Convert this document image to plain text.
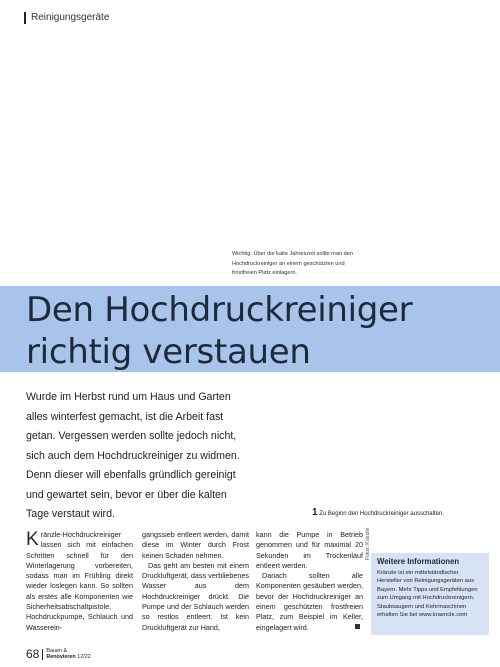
Reinigungsgeräte
Wichtig: Über die kalte Jahreszeit sollte man den Hochdruckreiniger an einem geschützten und frostfreien Platz einlagern.
Den Hochdruckreiniger
richtig verstauen

Wurde im Herbst rund um Haus und Garten

alles winterfest gemacht, ist die Arbeit fast

getan. Vergessen werden sollte jedoch nicht,

sich auch dem Hochdruckreiniger zu widmen.

Denn dieser will ebenfalls gründlich gereinigt

und gewartet sein, bevor er über die kalten

Tage verstaut wird.	1 Zu Beginn den Hochdruckreiniger ausschalten.

Kränzle-Hochdruckreiniger lassen sich mit einfachen Schritten schnell für den Winterlagerung vorbereiten, sodass man im Frühling direkt wieder loslegen kann. So sollten als erstes alle Komponenten wie Sicherheitsabschaltpistole, Hochdruckpumpe, Schlauch und Wasserein-

gangssieb entleert werden, damit diese im Winter durch Frost keinen Schaden nehmen.

Das geht am besten mit einem Druckluftgerät, dass verbliebenes Wasser aus dem Hochdruckreiniger drückt. Die Pumpe und der Schlauch werden so restlos entleert. Ist kein Druckluftgerät zur Hand,

kann die Pumpe in Betrieb genommen und für maximal 20 Sekunden im Trockenlauf entleert werden.

Danach sollten alle Komponenten gesäubert werden, bevor der Hochdruckreiniger an einem geschützten frostfreien Platz, zum Beispiel im Keller, eingelagert wird.

Fotos: Kränzle
Weitere Informationen
Kränzle ist ein mittelständischer Hersteller von Reinigungsgeräten aus Bayern. Mehr Tipps und Empfehlungen zum Umgang mit Hochdruckreinigern, Staubsaugern und Kehrmaschinen erhalten Sie bei www.kraencle.com
68 Bauen &
Renovieren 12/22
